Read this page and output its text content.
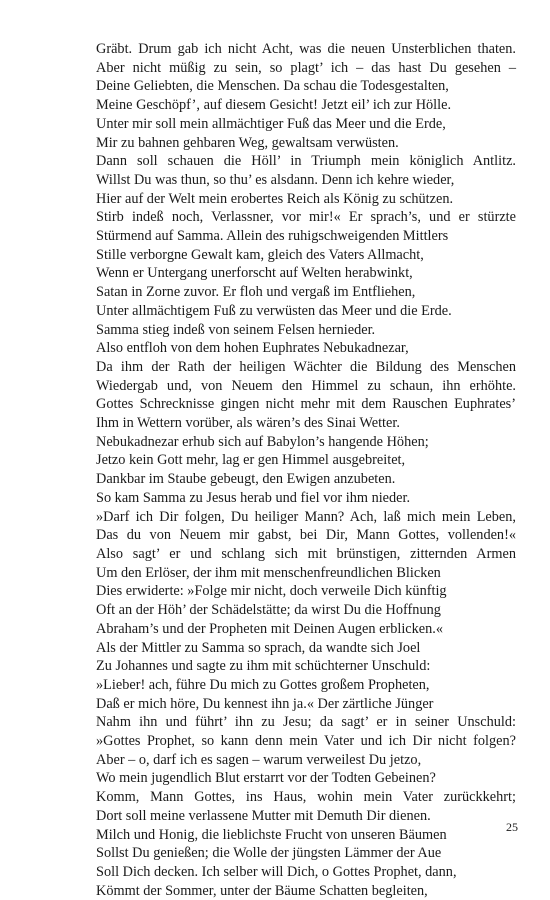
Gräbt. Drum gab ich nicht Acht, was die neuen Unsterblichen thaten.
Aber nicht müßig zu sein, so plagt’ ich – das hast Du gesehen –
Deine Geliebten, die Menschen. Da schau die Todesgestalten,
Meine Geschöpf’, auf diesem Gesicht! Jetzt eil’ ich zur Hölle.
Unter mir soll mein allmächtiger Fuß das Meer und die Erde,
Mir zu bahnen gehbaren Weg, gewaltsam verwüsten.
Dann soll schauen die Höll’ in Triumph mein königlich Antlitz.
Willst Du was thun, so thu’ es alsdann. Denn ich kehre wieder,
Hier auf der Welt mein erobertes Reich als König zu schützen.
Stirb indeß noch, Verlassner, vor mir!« Er sprach’s, und er stürzte
Stürmend auf Samma. Allein des ruhigschweigenden Mittlers
Stille verborgne Gewalt kam, gleich des Vaters Allmacht,
Wenn er Untergang unerforscht auf Welten herabwinkt,
Satan in Zorne zuvor. Er floh und vergaß im Entfliehen,
Unter allmächtigem Fuß zu verwüsten das Meer und die Erde.
Samma stieg indeß von seinem Felsen hernieder.
Also entfloh von dem hohen Euphrates Nebukadnezar,
Da ihm der Rath der heiligen Wächter die Bildung des Menschen
Wiedergab und, von Neuem den Himmel zu schaun, ihn erhöhte.
Gottes Schrecknisse gingen nicht mehr mit dem Rauschen Euphrates’
Ihm in Wettern vorüber, als wären’s des Sinai Wetter.
Nebukadnezar erhub sich auf Babylon’s hangende Höhen;
Jetzo kein Gott mehr, lag er gen Himmel ausgebreitet,
Dankbar im Staube gebeugt, den Ewigen anzubeten.
So kam Samma zu Jesus herab und fiel vor ihm nieder.
»Darf ich Dir folgen, Du heiliger Mann? Ach, laß mich mein Leben,
Das du von Neuem mir gabst, bei Dir, Mann Gottes, vollenden!«
Also sagt’ er und schlang sich mit brünstigen, zitternden Armen
Um den Erlöser, der ihm mit menschenfreundlichen Blicken
Dies erwiderte: »Folge mir nicht, doch verweile Dich künftig
Oft an der Höh’ der Schädelstätte; da wirst Du die Hoffnung
Abraham’s und der Propheten mit Deinen Augen erblicken.«
Als der Mittler zu Samma so sprach, da wandte sich Joel
Zu Johannes und sagte zu ihm mit schüchterner Unschuld:
»Lieber! ach, führe Du mich zu Gottes großem Propheten,
Daß er mich höre, Du kennest ihn ja.« Der zärtliche Jünger
Nahm ihn und führt’ ihn zu Jesu; da sagt’ er in seiner Unschuld:
»Gottes Prophet, so kann denn mein Vater und ich Dir nicht folgen?
Aber – o, darf ich es sagen – warum verweilest Du jetzo,
Wo mein jugendlich Blut erstarrt vor der Todten Gebeinen?
Komm, Mann Gottes, ins Haus, wohin mein Vater zurückkehrt;
Dort soll meine verlassene Mutter mit Demuth Dir dienen.
Milch und Honig, die lieblichste Frucht von unseren Bäumen
Sollst Du genießen; die Wolle der jüngsten Lämmer der Aue
Soll Dich decken. Ich selber will Dich, o Gottes Prophet, dann,
Kömmt der Sommer, unter der Bäume Schatten begleiten,
25
